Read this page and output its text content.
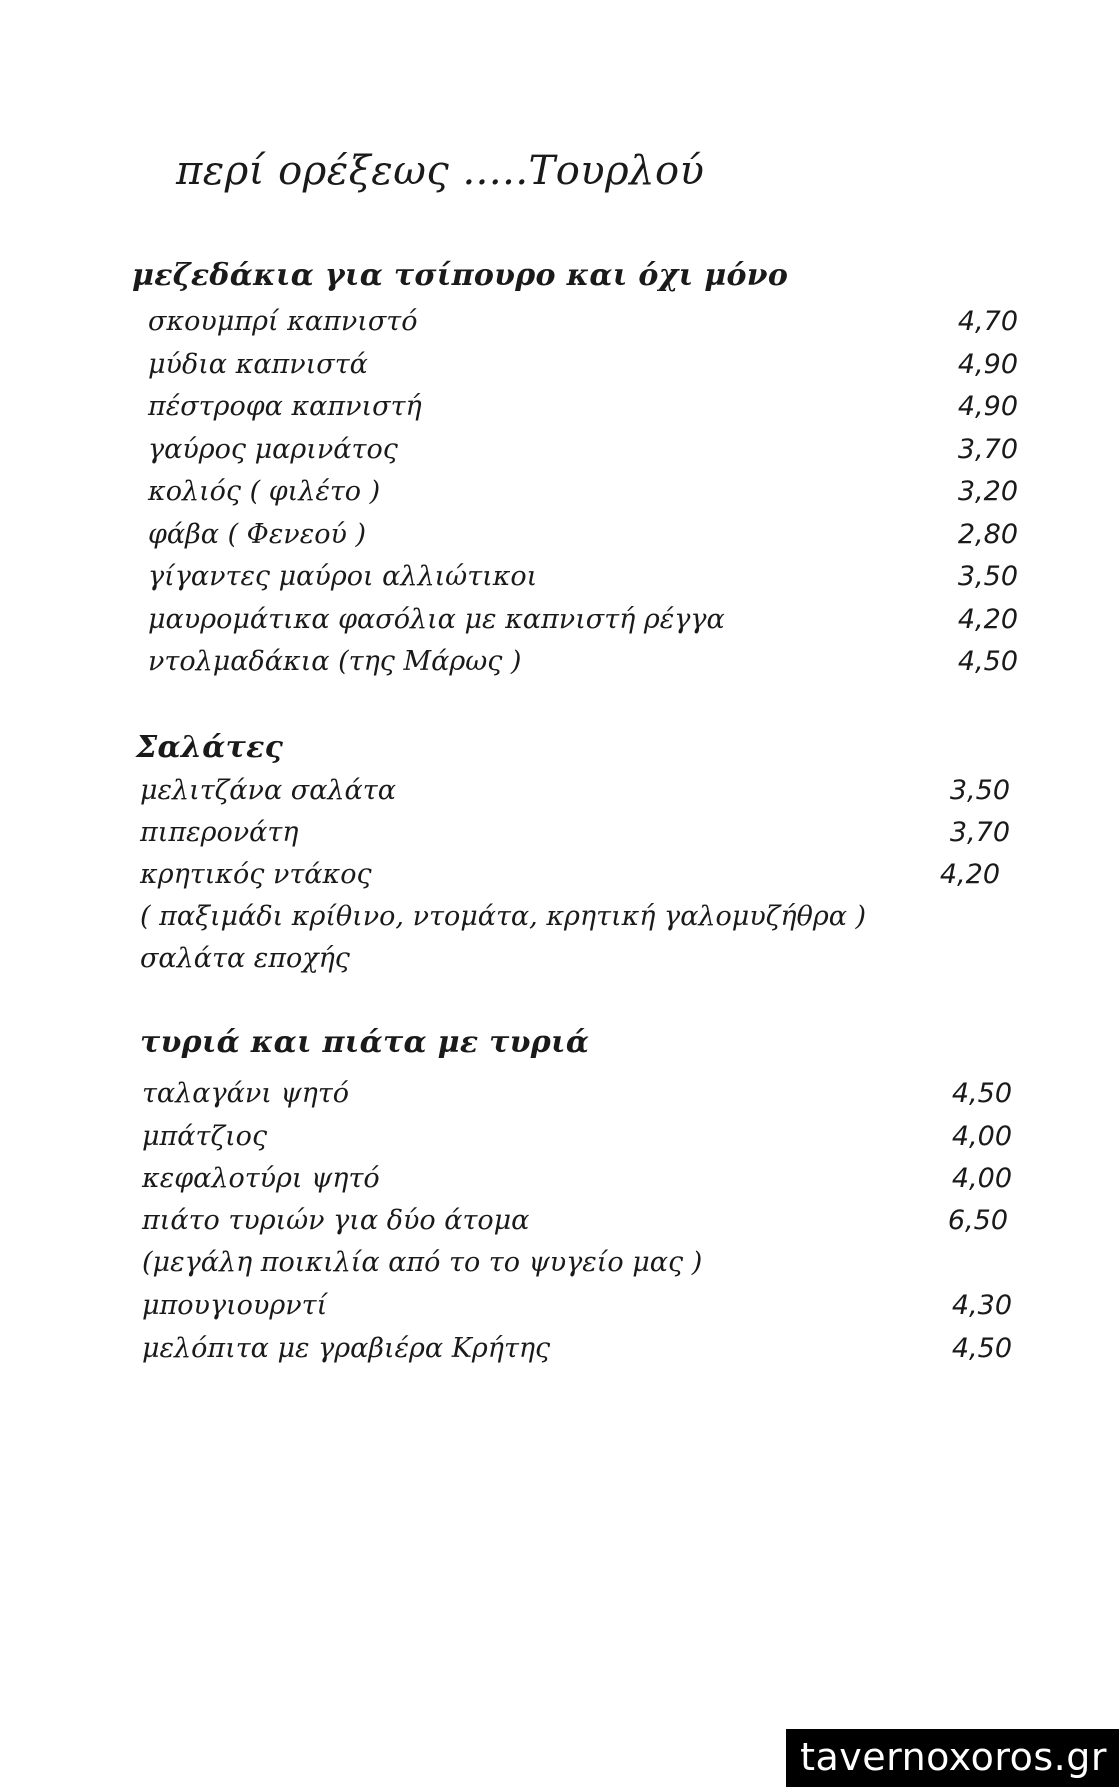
περί ορέξεως .....Τουρλού
μεζεδάκια για τσίπουρο και όχι μόνο
σκουμπρί καπνιστό	4,70
μύδια καπνιστά	4,90
πέστροφα καπνιστή	4,90
γαύρος μαρινάτος	3,70
κολιός ( φιλέτο )	3,20
φάβα ( Φενεού )	2,80
γίγαντες μαύροι αλλιώτικοι	3,50
μαυρομάτικα φασόλια με καπνιστή ρέγγα	4,20
ντολμαδάκια (της Μάρως )	4,50
Σαλάτες
μελιτζάνα σαλάτα	3,50
πιπερονάτη	3,70
κρητικός ντάκος	4,20
( παξιμάδι κρίθινο, ντομάτα, κρητική γαλομυζήθρα )
σαλάτα εποχής
τυριά και πιάτα με τυριά
ταλαγάνι ψητό	4,50
μπάτζιος	4,00
κεφαλοτύρι ψητό	4,00
πιάτο τυριών για δύο άτομα	6,50
(μεγάλη ποικιλία από το το ψυγείο μας )
μπουγιουρντί	4,30
μελόπιτα με γραβιέρα Κρήτης	4,50
tavernoxoros.gr
